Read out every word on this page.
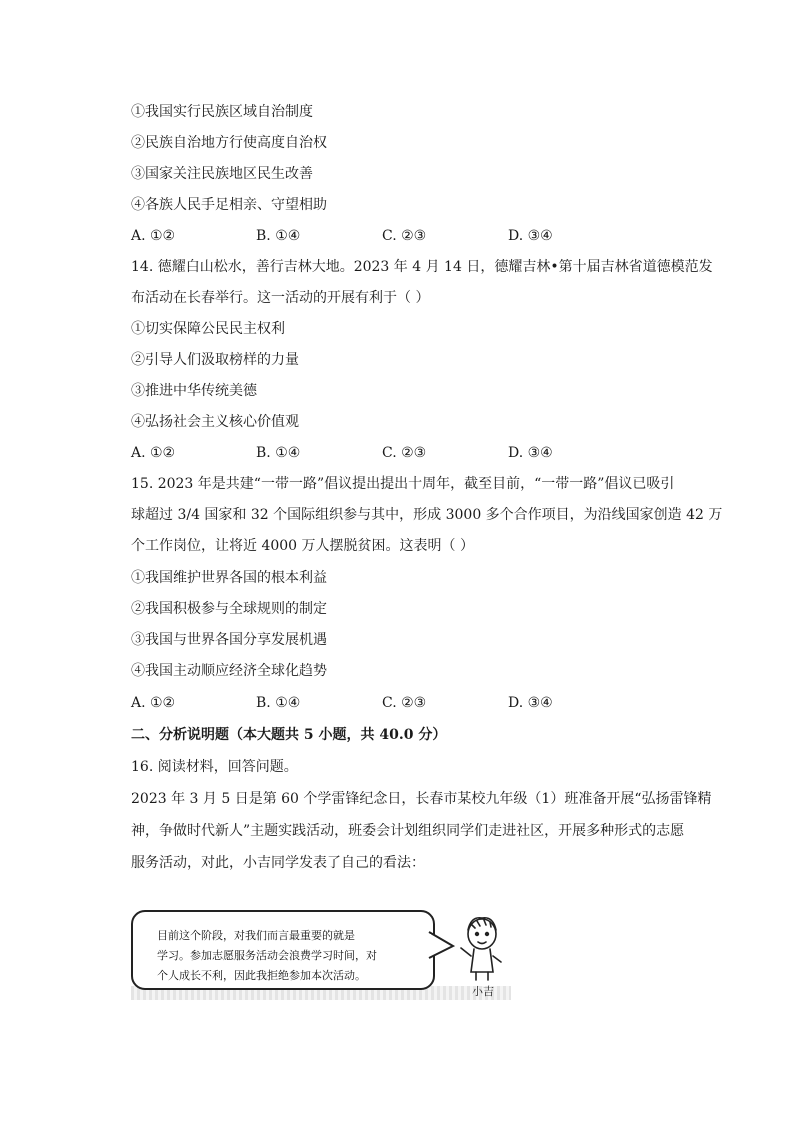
①我国实行民族区域自治制度
②民族自治地方行使高度自治权
③国家关注民族地区民生改善
④各族人民手足相亲、守望相助
A. ①②	B. ①④	C. ②③	D. ③④
14. 德耀白山松水，善行吉林大地。2023 年 4 月 14 日，德耀吉林•第十届吉林省道德模范发
布活动在长春举行。这一活动的开展有利于（ ）
①切实保障公民民主权利
②引导人们汲取榜样的力量
③推进中华传统美德
④弘扬社会主义核心价值观
A. ①②	B. ①④	C. ②③	D. ③④
15. 2023 年是共建“一带一路”倡议提出提出十周年，截至目前，“一带一路”倡议已吸引
球超过 3/4 国家和 32 个国际组织参与其中，形成 3000 多个合作项目，为沿线国家创造 42 万
个工作岗位，让将近 4000 万人摆脱贫困。这表明（ ）
①我国维护世界各国的根本利益
②我国积极参与全球规则的制定
③我国与世界各国分享发展机遇
④我国主动顺应经济全球化趋势
A. ①②	B. ①④	C. ②③	D. ③④
二、分析说明题（本大题共 5 小题，共 40.0 分）
16. 阅读材料，回答问题。
2023 年 3 月 5 日是第 60 个学雷锋纪念日，长春市某校九年级（1）班准备开展“弘扬雷锋精
神，争做时代新人”主题实践活动，班委会计划组织同学们走进社区，开展多种形式的志愿
服务活动，对此，小吉同学发表了自己的看法：
目前这个阶段，对我们而言最重要的就是
学习。参加志愿服务活动会浪费学习时间，对
个人成长不利，因此我拒绝参加本次活动。
小吉
